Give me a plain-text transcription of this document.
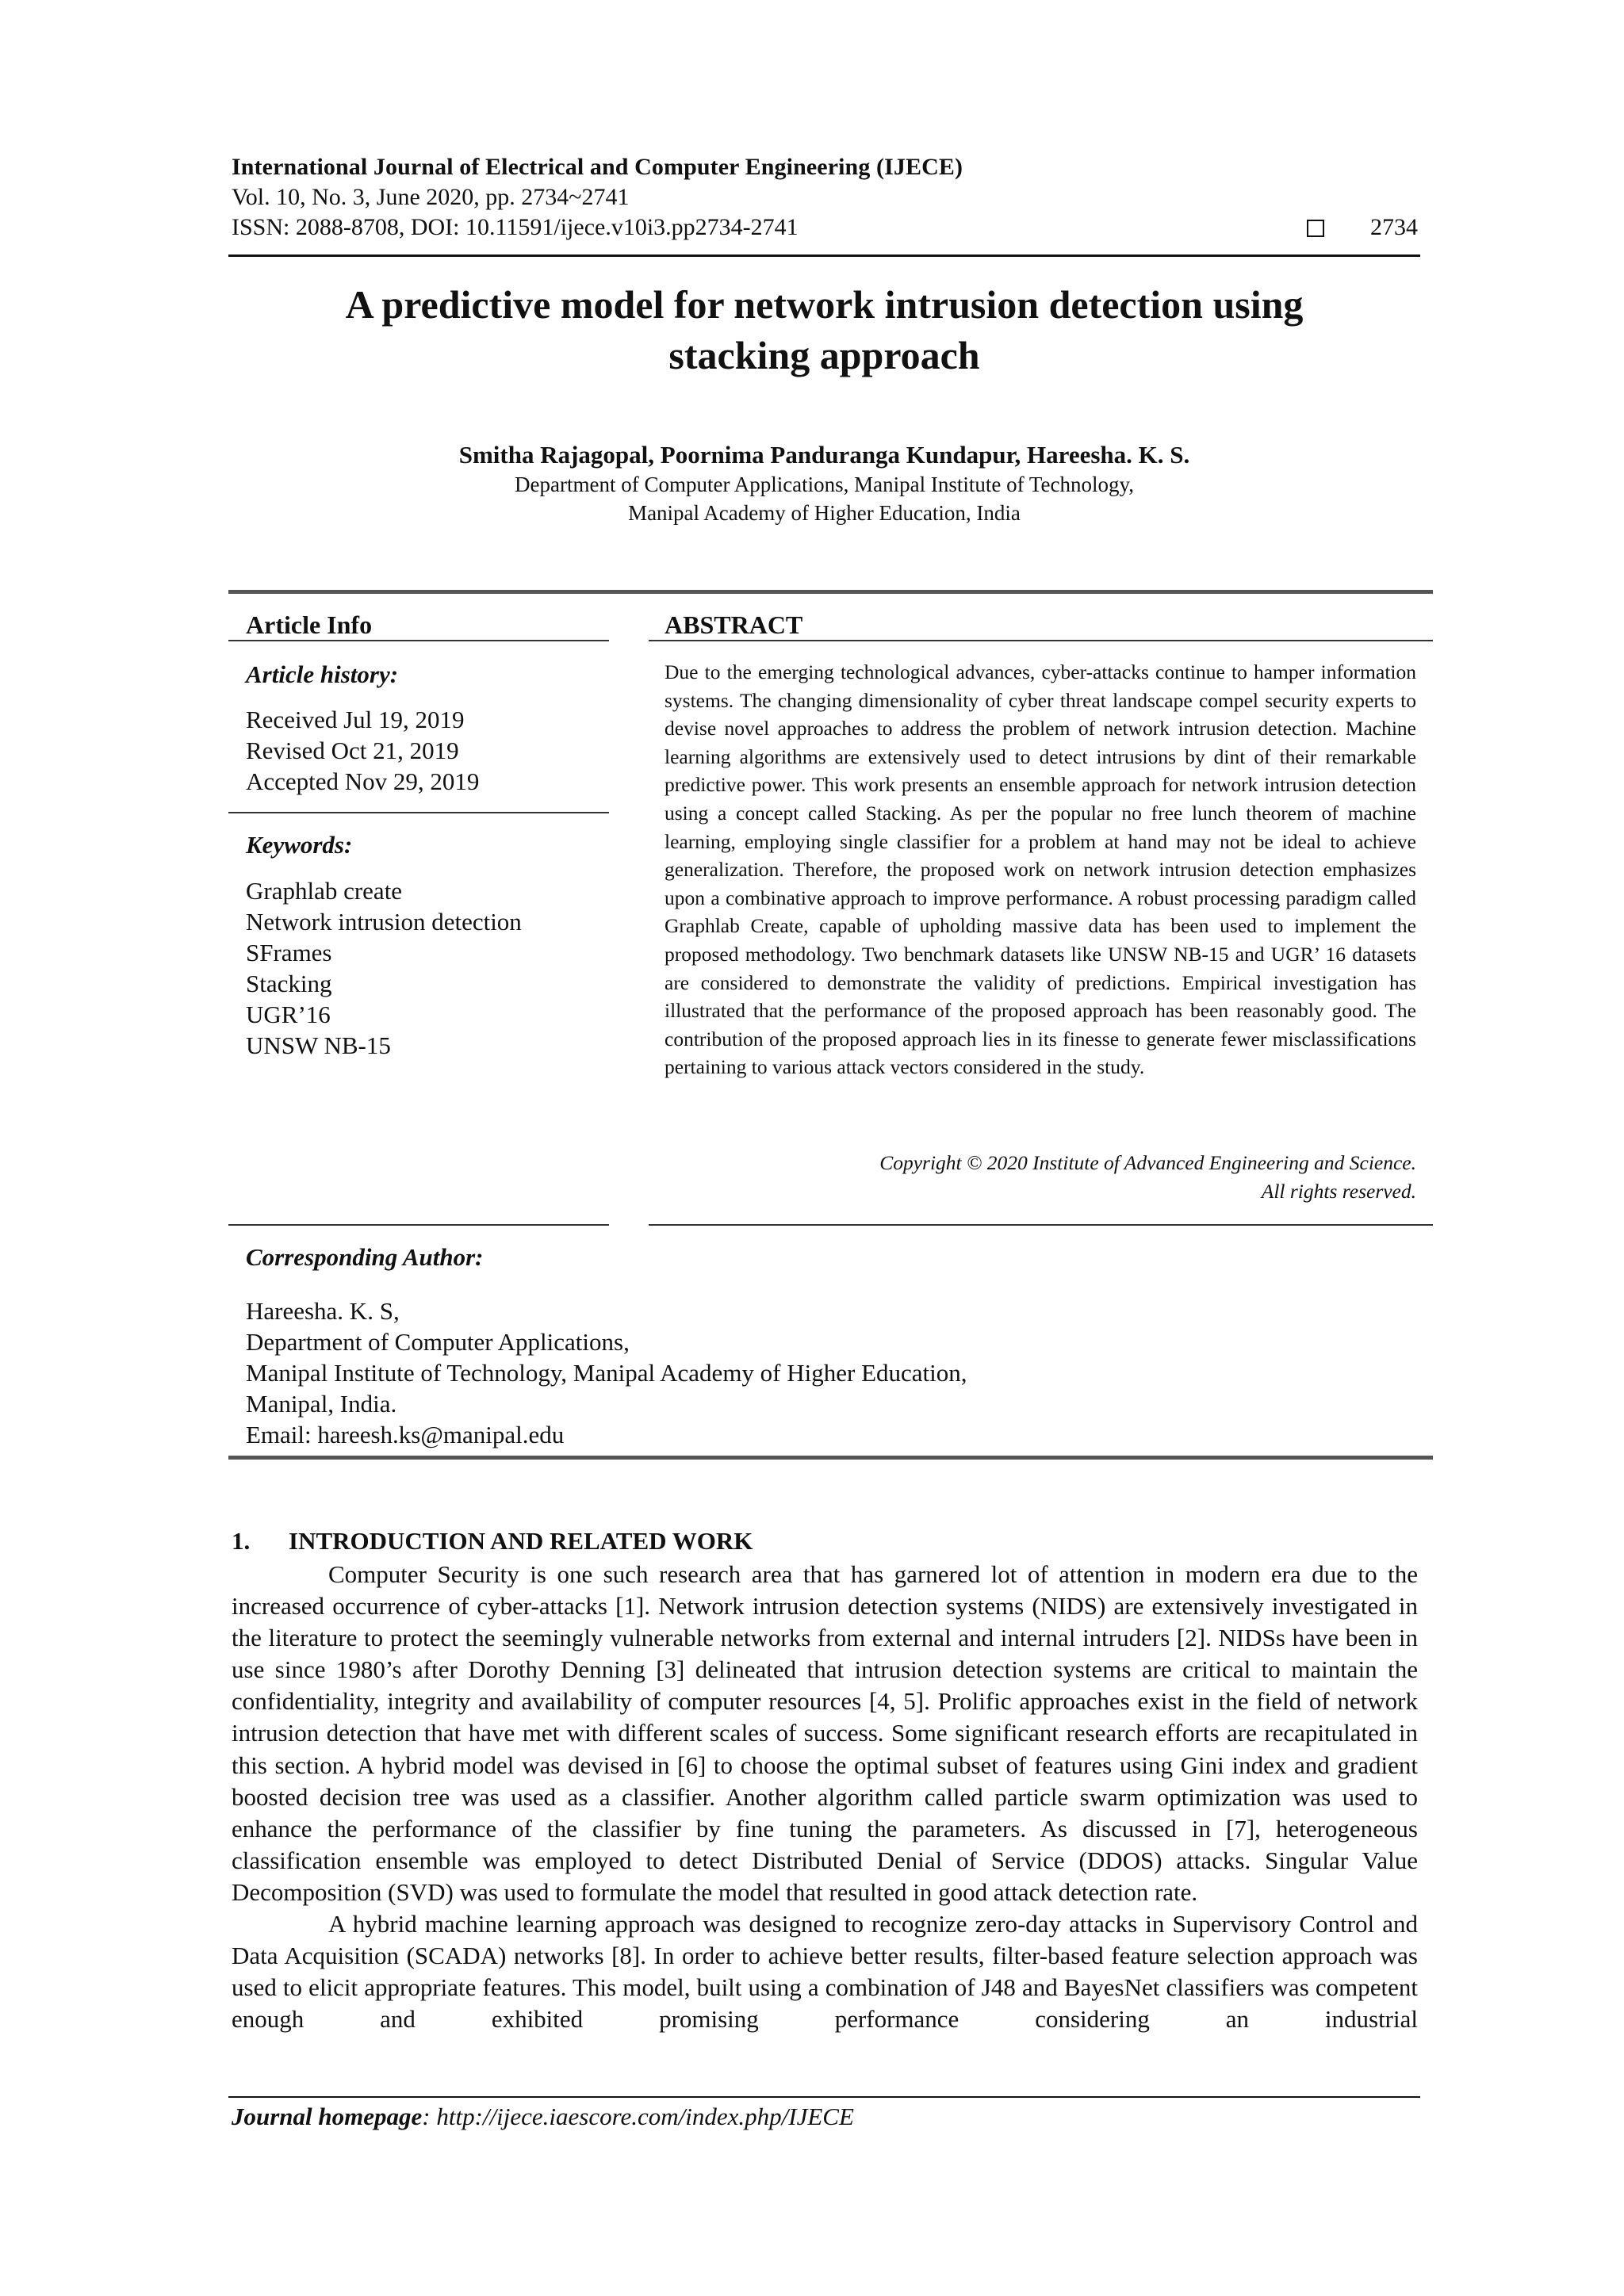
International Journal of Electrical and Computer Engineering (IJECE)
Vol. 10, No. 3, June 2020, pp. 2734~2741
ISSN: 2088-8708, DOI: 10.11591/ijece.v10i3.pp2734-2741	2734
A predictive model for network intrusion detection using
stacking approach
Smitha Rajagopal, Poornima Panduranga Kundapur, Hareesha. K. S.
Department of Computer Applications, Manipal Institute of Technology,
Manipal Academy of Higher Education, India
Article Info	ABSTRACT
Article history:
Received Jul 19, 2019
Revised Oct 21, 2019
Accepted Nov 29, 2019
Keywords:
Graphlab create
Network intrusion detection
SFrames
Stacking
UGR’16
UNSW NB-15

Due to the emerging technological advances, cyber-attacks continue to hamper information systems. The changing dimensionality of cyber threat landscape compel security experts to devise novel approaches to address the problem of network intrusion detection. Machine learning algorithms are extensively used to detect intrusions by dint of their remarkable predictive power. This work presents an ensemble approach for network intrusion detection using a concept called Stacking. As per the popular no free lunch theorem of machine learning, employing single classifier for a problem at hand may not be ideal to achieve generalization. Therefore, the proposed work on network intrusion detection emphasizes upon a combinative approach to improve performance. A robust processing paradigm called Graphlab Create, capable of upholding massive data has been used to implement the proposed methodology. Two benchmark datasets like UNSW NB-15 and UGR’ 16 datasets are considered to demonstrate the validity of predictions. Empirical investigation has illustrated that the performance of the proposed approach has been reasonably good. The contribution of the proposed approach lies in its finesse to generate fewer misclassifications pertaining to various attack vectors considered in the study.

Copyright © 2020 Institute of Advanced Engineering and Science.
All rights reserved.
Corresponding Author:
Hareesha. K. S,
Department of Computer Applications,
Manipal Institute of Technology, Manipal Academy of Higher Education,
Manipal, India.
Email: hareesh.ks@manipal.edu
1. INTRODUCTION AND RELATED WORK

Computer Security is one such research area that has garnered lot of attention in modern era due to the increased occurrence of cyber-attacks [1]. Network intrusion detection systems (NIDS) are extensively investigated in the literature to protect the seemingly vulnerable networks from external and internal intruders [2]. NIDSs have been in use since 1980’s after Dorothy Denning [3] delineated that intrusion detection systems are critical to maintain the confidentiality, integrity and availability of computer resources [4, 5]. Prolific approaches exist in the field of network intrusion detection that have met with different scales of success. Some significant research efforts are recapitulated in this section. A hybrid model was devised in [6] to choose the optimal subset of features using Gini index and gradient boosted decision tree was used as a classifier. Another algorithm called particle swarm optimization was used to enhance the performance of the classifier by fine tuning the parameters. As discussed in [7], heterogeneous classification ensemble was employed to detect Distributed Denial of Service (DDOS) attacks. Singular Value Decomposition (SVD) was used to formulate the model that resulted in good attack detection rate.

A hybrid machine learning approach was designed to recognize zero-day attacks in Supervisory Control and Data Acquisition (SCADA) networks [8]. In order to achieve better results, filter-based feature selection approach was used to elicit appropriate features. This model, built using a combination of J48 and BayesNet classifiers was competent enough and exhibited promising performance considering an industrial

Journal homepage: http://ijece.iaescore.com/index.php/IJECE
